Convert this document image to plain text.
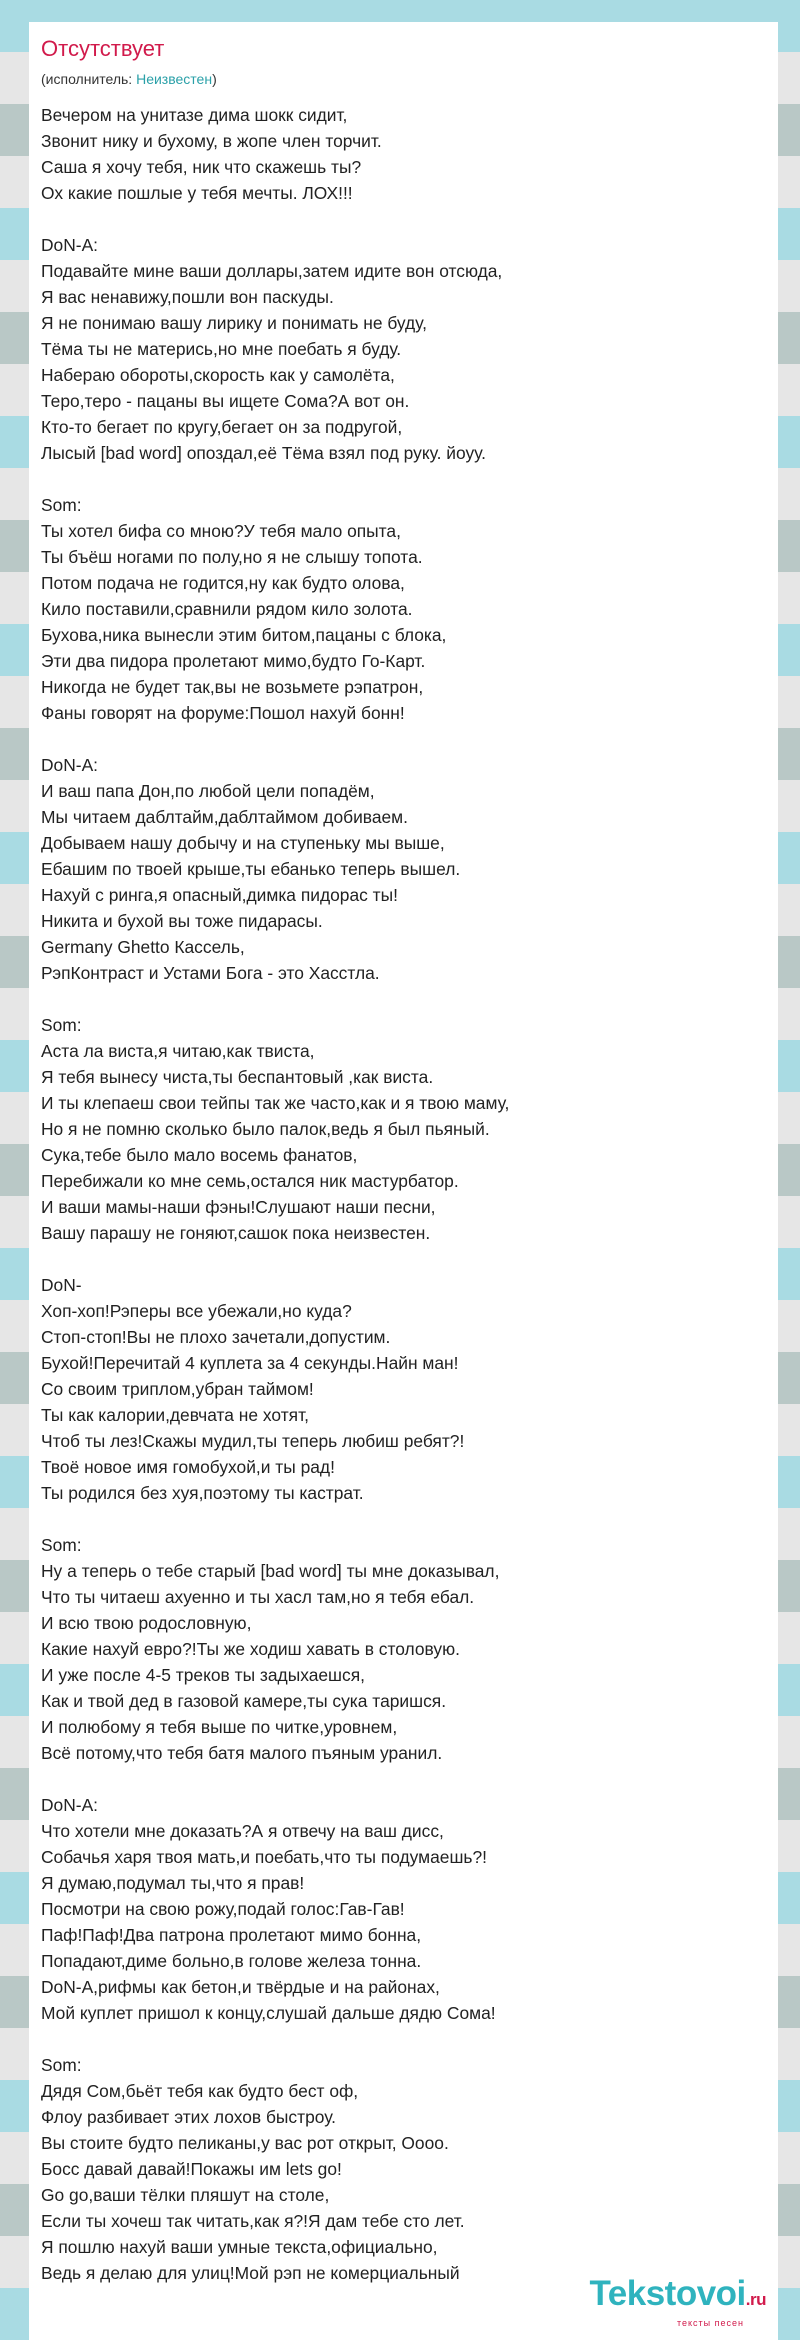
Отсутствует
(исполнитель: Неизвестен)
Вечером на унитазе дима шокк сидит,
Звонит нику и бухому, в жопе член торчит.
Саша я хочу тебя, ник что скажешь ты?
Ох какие пошлые у тебя мечты. ЛОХ!!!
DoN-A:
Подавайте мине ваши доллары,затем идите вон отсюда,
Я вас ненавижу,пошли вон паскуды.
Я не понимаю вашу лирику и понимать не буду,
Тёма ты не матерись,но мне поебать я буду.
Набераю обороты,скорость как у самолёта,
Теро,теро - пацаны вы ищете Сома?А вот он.
Кто-то бегает по кругу,бегает он за подругой,
Лысый [bad word] опоздал,её Тёма взял под руку. йоуу.
Som:
Ты хотел бифа со мною?У тебя мало опыта,
Ты бъёш ногами по полу,но я не слышу топота.
Потом подача не годится,ну как будто олова,
Кило поставили,сравнили рядом кило золота.
Бухова,ника вынесли этим битом,пацаны с блока,
Эти два пидора пролетают мимо,будто Го-Карт.
Никогда не будет так,вы не возьмете рэпатрон,
Фаны говорят на форуме:Пошол нахуй бонн!
DoN-A:
И ваш папа Дон,по любой цели попадём,
Мы читаем даблтайм,даблтаймом добиваем.
Добываем нашу добычу и на ступеньку мы выше,
Ебашим по твоей крыше,ты ебанько теперь вышел.
Нахуй с ринга,я опасный,димка пидорас ты!
Никита и бухой вы тоже пидарасы.
Germany Ghetto Кассель,
РэпКонтраст и Устами Бога - это Хасстла.
Som:
Аста ла виста,я читаю,как твиста,
Я тебя вынесу чиста,ты беспантовый ,как виста.
И ты клепаеш свои тейпы так же часто,как и я твою маму,
Но я не помню сколько было палок,ведь я был пьяный.
Сука,тебе было мало восемь фанатов,
Перебижали ко мне семь,остался ник мастурбатор.
И ваши мамы-наши фэны!Слушают наши песни,
Вашу парашу не гоняют,сашок пока неизвестен.
DoN-
Хоп-хоп!Рэперы все убежали,но куда?
Стоп-стоп!Вы не плохо зачетали,допустим.
Бухой!Перечитай 4 куплета за 4 секунды.Найн ман!
Со своим триплом,убран таймом!
Ты как калории,девчата не хотят,
Чтоб ты лез!Скажы мудил,ты теперь любиш ребят?!
Твоё новое имя гомобухой,и ты рад!
Ты родился без хуя,поэтому ты кастрат.
Som:
Ну а теперь о тебе старый [bad word] ты мне доказывал,
Что ты читаеш ахуенно и ты хасл там,но я тебя ебал.
И всю твою родословную,
Какие нахуй евро?!Ты же ходиш хавать в столовую.
И уже после 4-5 треков ты задыхаешся,
Как и твой дед в газовой камере,ты сука таришся.
И полюбому я тебя выше по читке,уровнем,
Всё потому,что тебя батя малого пъяным уранил.
DoN-A:
Что хотели мне доказать?А я отвечу на ваш дисс,
Собачья харя твоя мать,и поебать,что ты подумаешь?!
Я думаю,подумал ты,что я прав!
Посмотри на свою рожу,подай голос:Гав-Гав!
Паф!Паф!Два патрона пролетают мимо бонна,
Попадают,диме больно,в голове железа тонна.
DoN-A,рифмы как бетон,и твёрдые и на районах,
Мой куплет пришол к концу,слушай дальше дядю Сома!
Som:
Дядя Сом,бьёт тебя как будто бест оф,
Флоу разбивает этих лохов быстроу.
Вы стоите будто пеликаны,у вас рот открыт, Оооо.
Босс давай давай!Покажы им lets go!
Go go,ваши тёлки пляшут на столе,
Если ты хочеш так читать,как я?!Я дам тебе сто лет.
Я пошлю нахуй ваши умные текста,официально,
Ведь я делаю для улиц!Мой рэп не комерциальный
Tekstovoi.ru
тексты песен
